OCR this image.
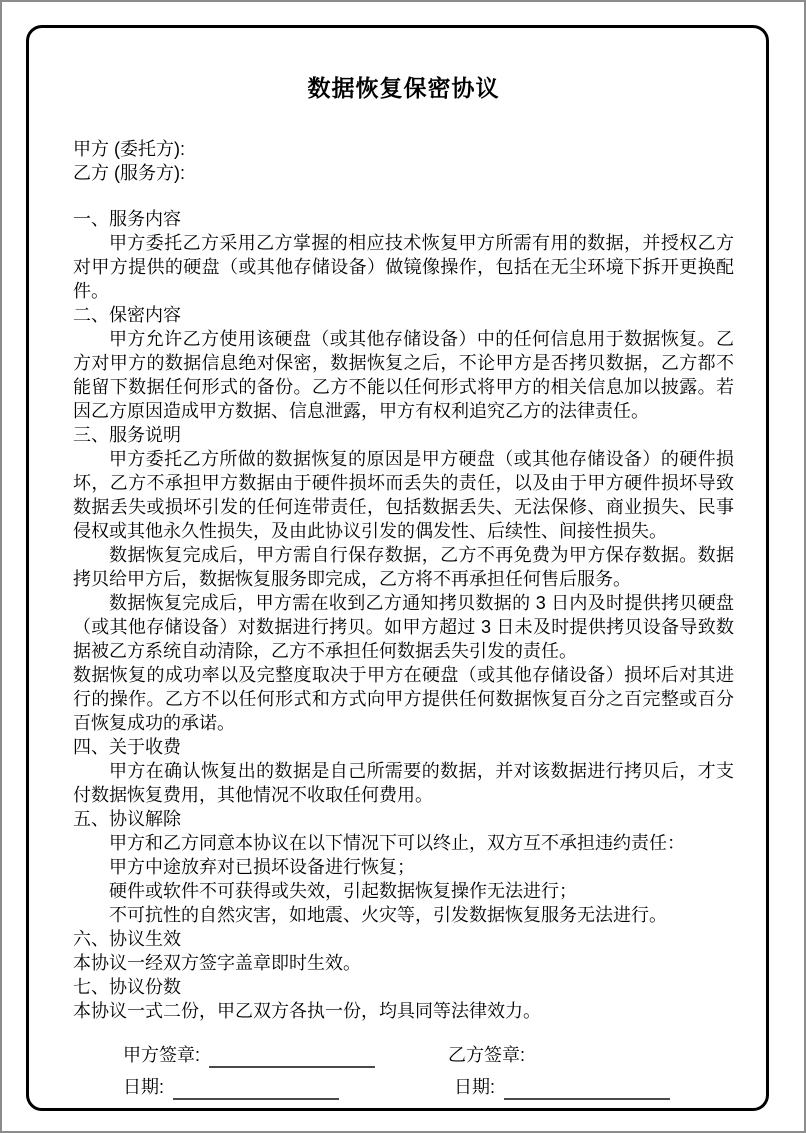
数据恢复保密协议

甲方 (委托方):

乙方 (服务方):

一、服务内容

甲方委托乙方采用乙方掌握的相应技术恢复甲方所需有用的数据，并授权乙方对甲方提供的硬盘（或其他存储设备）做镜像操作，包括在无尘环境下拆开更换配件。

二、保密内容

甲方允许乙方使用该硬盘（或其他存储设备）中的任何信息用于数据恢复。乙方对甲方的数据信息绝对保密，数据恢复之后，不论甲方是否拷贝数据，乙方都不能留下数据任何形式的备份。乙方不能以任何形式将甲方的相关信息加以披露。若因乙方原因造成甲方数据、信息泄露，甲方有权利追究乙方的法律责任。

三、服务说明

甲方委托乙方所做的数据恢复的原因是甲方硬盘（或其他存储设备）的硬件损坏，乙方不承担甲方数据由于硬件损坏而丢失的责任，以及由于甲方硬件损坏导致数据丢失或损坏引发的任何连带责任，包括数据丢失、无法保修、商业损失、民事侵权或其他永久性损失，及由此协议引发的偶发性、后续性、间接性损失。

数据恢复完成后，甲方需自行保存数据，乙方不再免费为甲方保存数据。数据拷贝给甲方后，数据恢复服务即完成，乙方将不再承担任何售后服务。

数据恢复完成后，甲方需在收到乙方通知拷贝数据的 3 日内及时提供拷贝硬盘（或其他存储设备）对数据进行拷贝。如甲方超过 3 日未及时提供拷贝设备导致数据被乙方系统自动清除，乙方不承担任何数据丢失引发的责任。

数据恢复的成功率以及完整度取决于甲方在硬盘（或其他存储设备）损坏后对其进行的操作。乙方不以任何形式和方式向甲方提供任何数据恢复百分之百完整或百分百恢复成功的承诺。

四、关于收费

甲方在确认恢复出的数据是自己所需要的数据，并对该数据进行拷贝后，才支付数据恢复费用，其他情况不收取任何费用。

五、协议解除

甲方和乙方同意本协议在以下情况下可以终止，双方互不承担违约责任：

甲方中途放弃对已损坏设备进行恢复；

硬件或软件不可获得或失效，引起数据恢复操作无法进行；

不可抗性的自然灾害，如地震、火灾等，引发数据恢复服务无法进行。

六、协议生效

本协议一经双方签字盖章即时生效。

七、协议份数

本协议一式二份，甲乙双方各执一份，均具同等法律效力。

甲方签章:	乙方签章:
日期:	日期:
